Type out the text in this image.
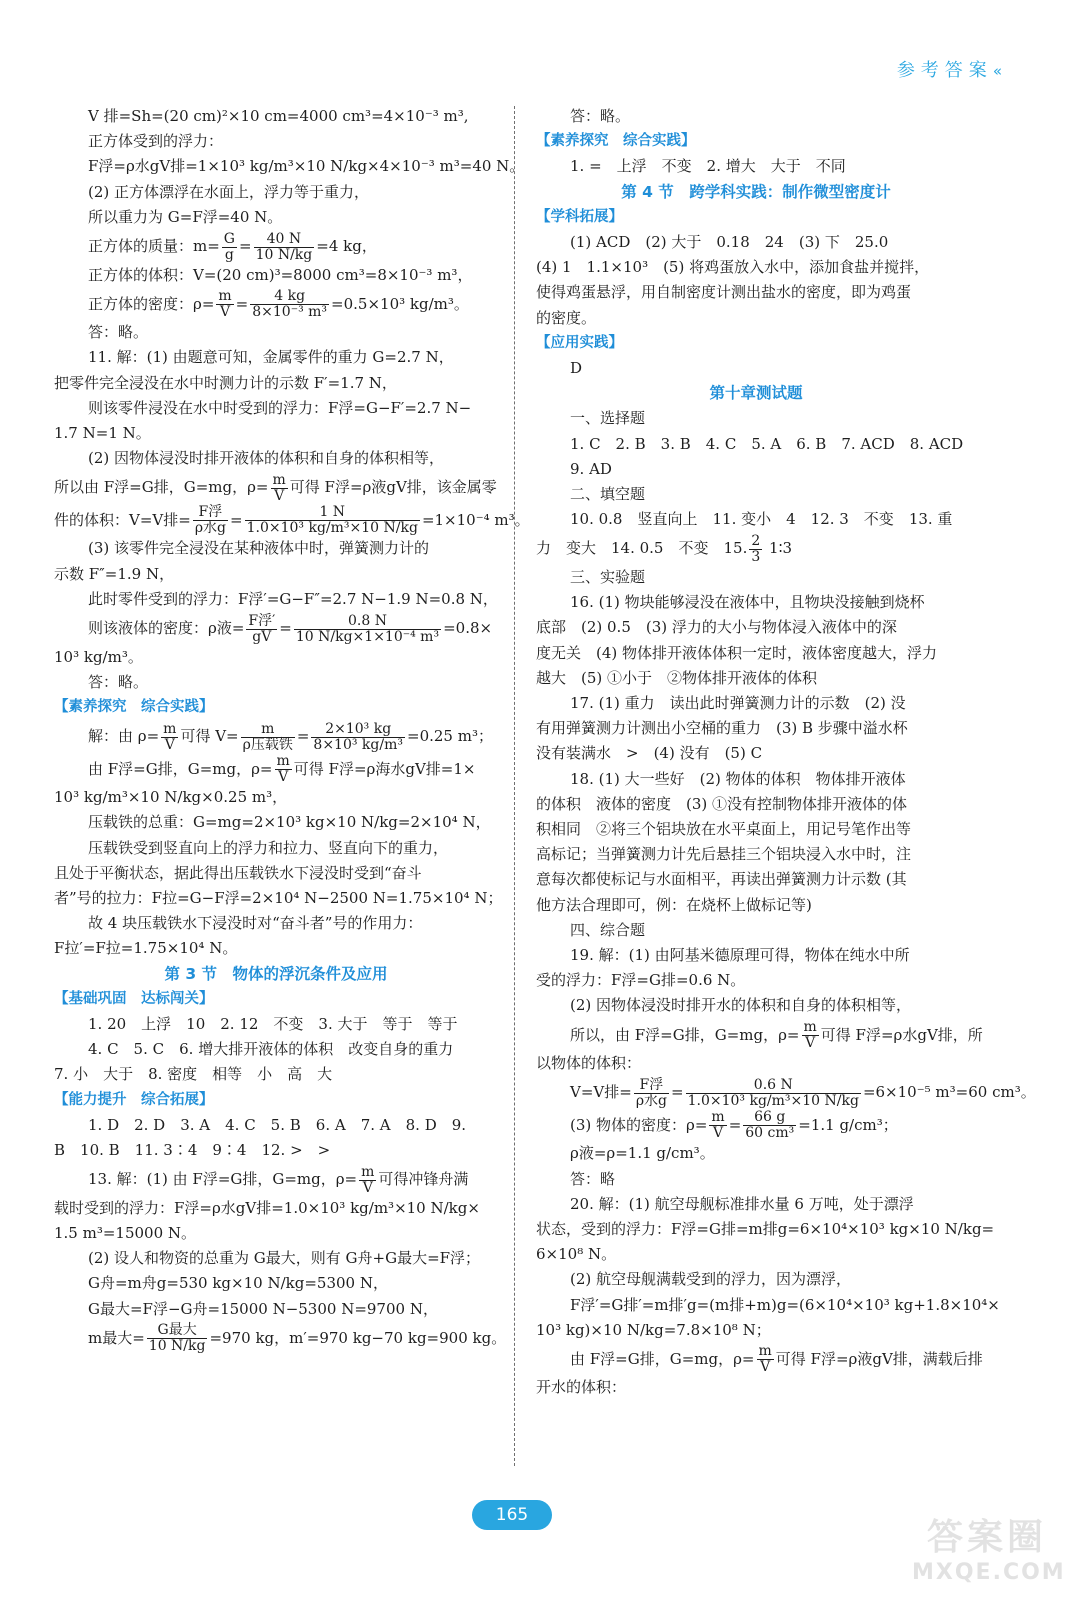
参考答案«
V 排=Sh=(20 cm)²×10 cm=4000 cm³=4×10⁻³ m³,
正方体受到的浮力：
F浮=ρ水gV排=1×10³ kg/m³×10 N/kg×4×10⁻³ m³=40 N。
(2) 正方体漂浮在水面上，浮力等于重力，
所以重力为 G=F浮=40 N。
正方体的质量：$m= \frac{G}{g} = \frac{40 N}{10 N/kg} =4$ kg，
正方体的体积：V=(20 cm)³=8000 cm³=8×10⁻³ m³，
正方体的密度：$\rho= \frac{m}{V} = \frac{4 kg}{\text{8×10⁻³ m³}} =0.5\times 10^3$ kg/m³。
答：略。
11. 解：(1) 由题意可知，金属零件的重力 G=2.7 N，
把零件完全浸没在水中时测力计的示数 F′=1.7 N，
则该零件浸没在水中时受到的浮力：F浮=G−F′=2.7 N−
1.7 N=1 N。
(2) 因物体浸没时排开液体的体积和自身的体积相等，
所以由 F浮=G排，G=mg，$\rho= \frac{m}{V}$ 可得 F浮=ρ液gV排，该金属零
件的体积：V=V排= $\frac{\text{F浮}}{\text{ρ水g}} = \frac{1 N}{\text{1.0×10³ kg/m³×10 N/kg}} =1\times 10^{-4}$ m³。
(3) 该零件完全浸没在某种液体中时，弹簧测力计的
示数 F″=1.9 N，
此时零件受到的浮力：F浮′=G−F″=2.7 N−1.9 N=0.8 N，
则该液体的密度：ρ液= $\frac{\text{F浮′}}{gV} = \frac{0.8 N}{\text{10 N/kg×1×10⁻⁴ m³}} =0.8\times$
10³ kg/m³。
答：略。
【素养探究　综合实践】
解：由 $\rho= \frac{m}{V}$ 可得 $V= \frac{m}{\text{ρ压载铁}} = \frac{\text{2×10³ kg}}{\text{8×10³ kg/m³}} =0.25$ m³；
由 F浮=G排，G=mg，$\rho= \frac{m}{V}$ 可得 F浮=ρ海水gV排=1×
10³ kg/m³×10 N/kg×0.25 m³，
压载铁的总重：G=mg=2×10³ kg×10 N/kg=2×10⁴ N，
压载铁受到竖直向上的浮力和拉力、竖直向下的重力，
且处于平衡状态，据此得出压载铁水下浸没时受到“奋斗
者”号的拉力：F拉=G−F浮=2×10⁴ N−2500 N=1.75×10⁴ N；
故 4 块压载铁水下浸没时对“奋斗者”号的作用力：
F拉′=F拉=1.75×10⁴ N。
第 3 节　物体的浮沉条件及应用
【基础巩固　达标闯关】
1. 20　上浮　10　2. 12　不变　3. 大于　等于　等于
4. C　5. C　6. 增大排开液体的体积　改变自身的重力
7. 小　大于　8. 密度　相等　小　高　大
【能力提升　综合拓展】
1. D　2. D　3. A　4. C　5. B　6. A　7. A　8. D　9.
B　10. B　11. 3∶4　9∶4　12. >　>
13. 解：(1) 由 F浮=G排，G=mg，$\rho= \frac{m}{V}$ 可得冲锋舟满
载时受到的浮力：F浮=ρ水gV排=1.0×10³ kg/m³×10 N/kg×
1.5 m³=15000 N。
(2) 设人和物资的总重为 G最大，则有 G舟+G最大=F浮；
G舟=m舟g=530 kg×10 N/kg=5300 N，
G最大=F浮−G舟=15000 N−5300 N=9700 N，
m最大= $\frac{\text{G最大}}{10 N/kg} =970$ kg，m′=970 kg−70 kg=900 kg。
答：略。
【素养探究　综合实践】
1. =　上浮　不变　2. 增大　大于　不同
第 4 节　跨学科实践：制作微型密度计
【学科拓展】
(1) ACD　(2) 大于　0.18　24　(3) 下　25.0
(4) 1　1.1×10³　(5) 将鸡蛋放入水中，添加食盐并搅拌，
使得鸡蛋悬浮，用自制密度计测出盐水的密度，即为鸡蛋
的密度。
【应用实践】
D
第十章测试题
一、选择题
1. C　2. B　3. B　4. C　5. A　6. B　7. ACD　8. ACD
9. AD
二、填空题
10. 0.8　竖直向上　11. 变小　4　12. 3　不变　13. 重
力　变大　14. 0.5　不变　15. $\frac{2}{3}$ 1∶3
三、实验题
16. (1) 物块能够浸没在液体中，且物块没接触到烧杯
底部　(2) 0.5　(3) 浮力的大小与物体浸入液体中的深
度无关　(4) 物体排开液体体积一定时，液体密度越大，浮力
越大　(5) ①小于　②物体排开液体的体积
17. (1) 重力　读出此时弹簧测力计的示数　(2) 没
有用弹簧测力计测出小空桶的重力　(3) B 步骤中溢水杯
没有装满水　>　(4) 没有　(5) C
18. (1) 大一些好　(2) 物体的体积　物体排开液体
的体积　液体的密度　(3) ①没有控制物体排开液体的体
积相同　②将三个铝块放在水平桌面上，用记号笔作出等
高标记；当弹簧测力计先后悬挂三个铝块浸入水中时，注
意每次都使标记与水面相平，再读出弹簧测力计示数 (其
他方法合理即可，例：在烧杯上做标记等)
四、综合题
19. 解：(1) 由阿基米德原理可得，物体在纯水中所
受的浮力：F浮=G排=0.6 N。
(2) 因物体浸没时排开水的体积和自身的体积相等，
所以，由 F浮=G排，G=mg，$\rho= \frac{m}{V}$ 可得 F浮=ρ水gV排，所
以物体的体积：
V=V排= $\frac{\text{F浮}}{\text{ρ水g}} = \frac{0.6 N}{\text{1.0×10³ kg/m³×10 N/kg}} =6\times 10^{-5}$ m³=60 cm³。
(3) 物体的密度：$\rho= \frac{m}{V} = \frac{66 g}{\text{60 cm³}} =1.1$ g/cm³；
ρ液=ρ=1.1 g/cm³。
答：略
20. 解：(1) 航空母舰标准排水量 6 万吨，处于漂浮
状态，受到的浮力：F浮=G排=m排g=6×10⁴×10³ kg×10 N/kg=
6×10⁸ N。
(2) 航空母舰满载受到的浮力，因为漂浮，
F浮′=G排′=m排′g=(m排+m)g=(6×10⁴×10³ kg+1.8×10⁴×
10³ kg)×10 N/kg=7.8×10⁸ N；
由 F浮=G排，G=mg，$\rho= \frac{m}{V}$ 可得 F浮=ρ液gV排，满载后排
开水的体积：
165
答案圈
MXQE.COM
